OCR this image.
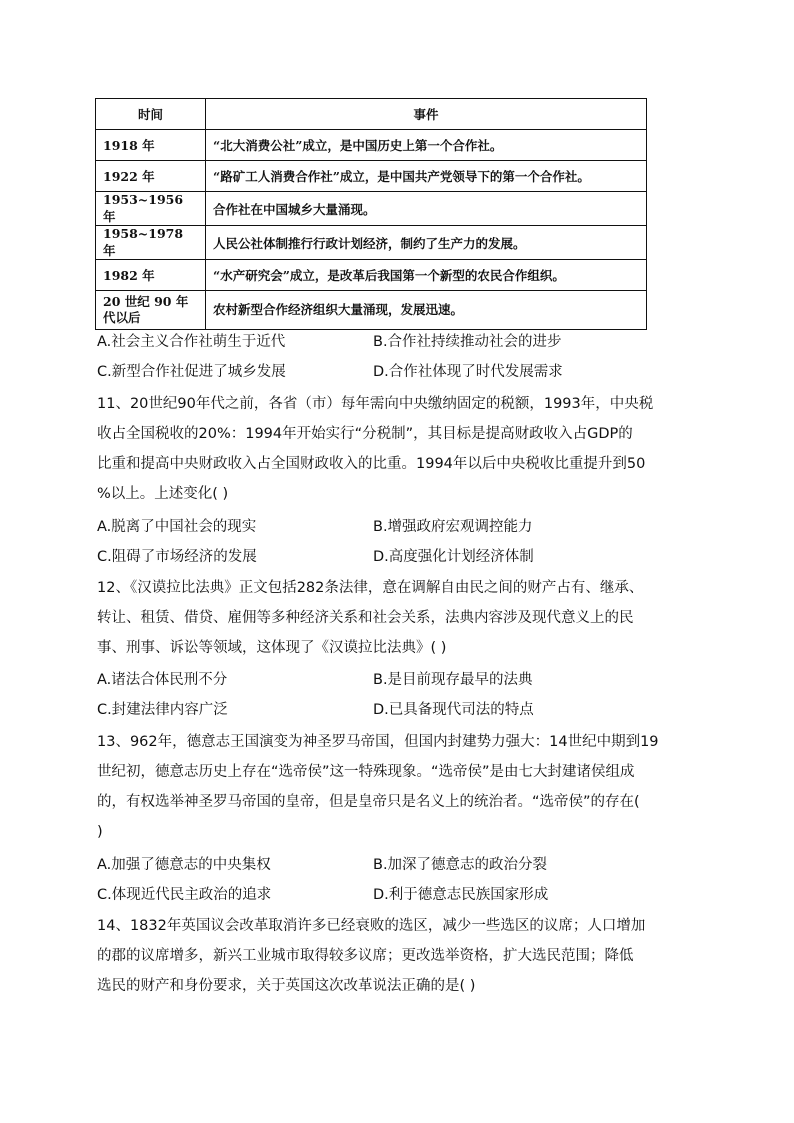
时间	事件
1918 年	“北大消费公社”成立，是中国历史上第一个合作社。
1922 年	“路矿工人消费合作社”成立，是中国共产党领导下的第一个合作社。
1953~1956 年	合作社在中国城乡大量涌现。
1958~1978 年	人民公社体制推行行政计划经济，制约了生产力的发展。
1982 年	“水产研究会”成立，是改革后我国第一个新型的农民合作组织。

20 世纪 90 年
代以后	农村新型合作经济组织大量涌现，发展迅速。
A.社会主义合作社萌生于近代	B.合作社持续推动社会的进步
C.新型合作社促进了城乡发展	D.合作社体现了时代发展需求
11、20世纪90年代之前，各省（市）每年需向中央缴纳固定的税额，1993年，中央税
收占全国税收的20%：1994年开始实行“分税制”，其目标是提高财政收入占GDP的
比重和提高中央财政收入占全国财政收入的比重。1994年以后中央税收比重提升到50
%以上。上述变化( )
A.脱离了中国社会的现实	B.增强政府宏观调控能力
C.阻碍了市场经济的发展	D.高度强化计划经济体制
12、《汉谟拉比法典》正文包括282条法律，意在调解自由民之间的财产占有、继承、
转让、租赁、借贷、雇佣等多种经济关系和社会关系，法典内容涉及现代意义上的民
事、刑事、诉讼等领域，这体现了《汉谟拉比法典》( )
A.诸法合体民刑不分	B.是目前现存最早的法典
C.封建法律内容广泛	D.已具备现代司法的特点
13、962年，德意志王国演变为神圣罗马帝国，但国内封建势力强大：14世纪中期到19
世纪初，德意志历史上存在“选帝侯”这一特殊现象。“选帝侯”是由七大封建诸侯组成
的，有权选举神圣罗马帝国的皇帝，但是皇帝只是名义上的统治者。“选帝侯”的存在(
)
A.加强了德意志的中央集权	B.加深了德意志的政治分裂
C.体现近代民主政治的追求	D.利于德意志民族国家形成
14、1832年英国议会改革取消许多已经衰败的选区，减少一些选区的议席；人口增加
的郡的议席增多，新兴工业城市取得较多议席；更改选举资格，扩大选民范围；降低
选民的财产和身份要求，关于英国这次改革说法正确的是( )
